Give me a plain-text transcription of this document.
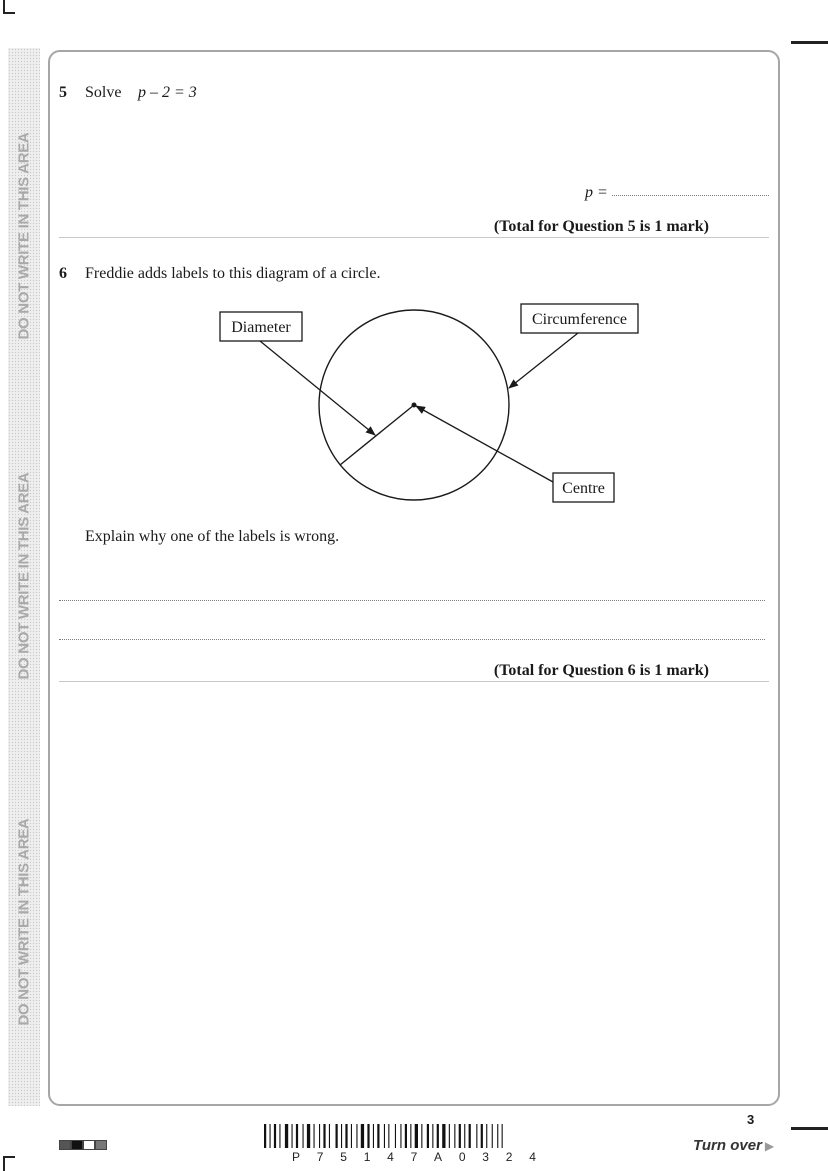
DO NOT WRITE IN THIS AREA
DO NOT WRITE IN THIS AREA
DO NOT WRITE IN THIS AREA
5 Solve p – 2 = 3
p =
(Total for Question 5 is 1 mark)
6 Freddie adds labels to this diagram of a circle.
Diameter	Circumference
Centre
Explain why one of the labels is wrong.
(Total for Question 6 is 1 mark)
P 7 5 1 4 7 A 0 3 2 4
3
Turn over ▶
